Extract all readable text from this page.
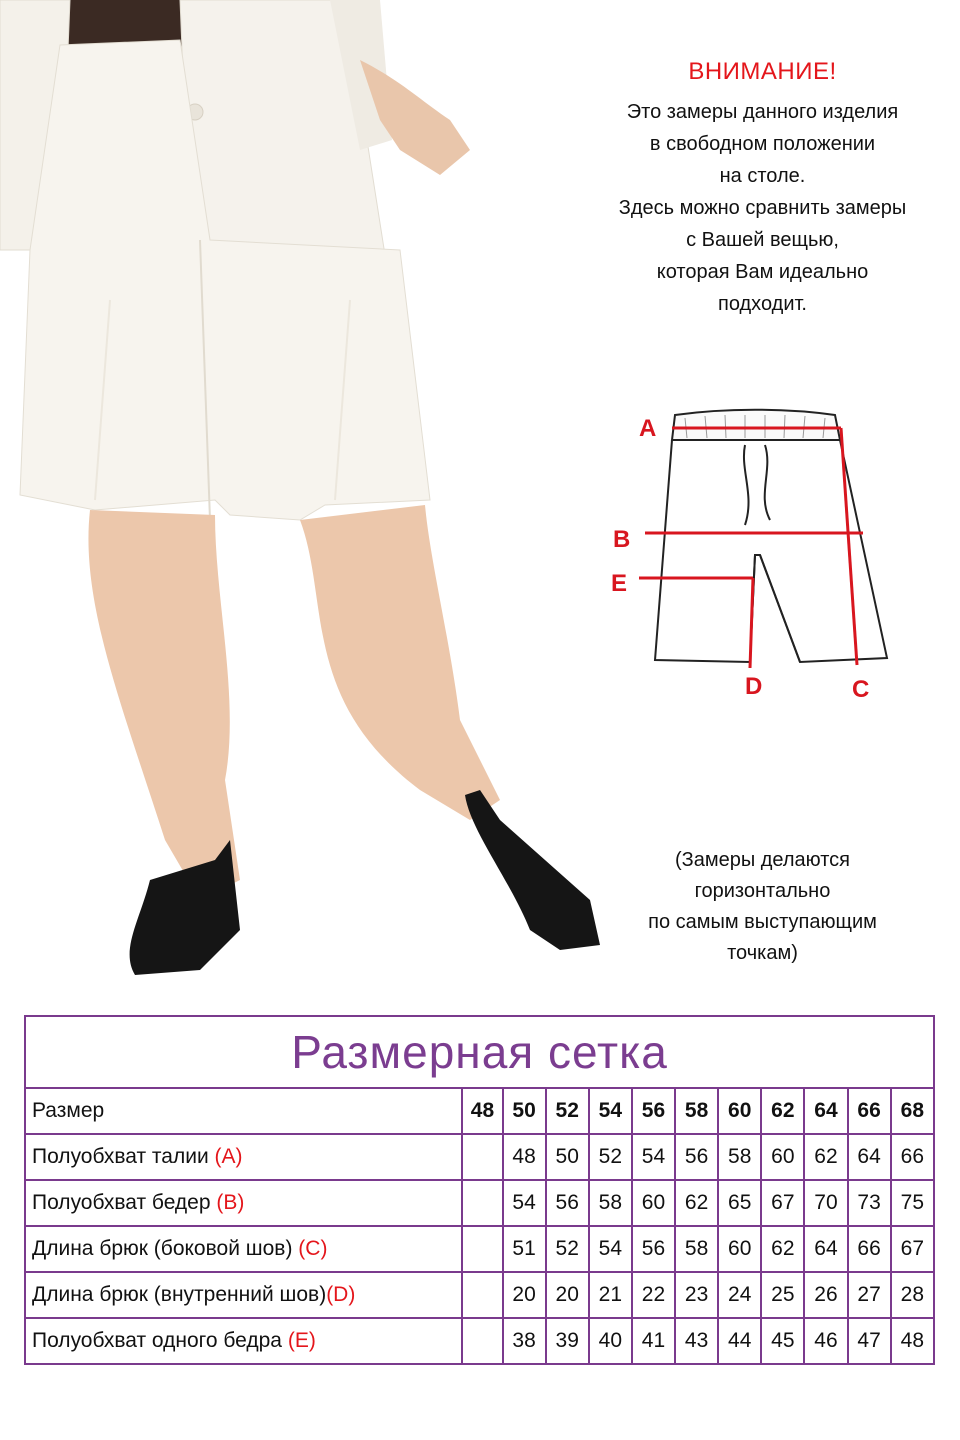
ВНИМАНИЕ!
Это замеры данного изделия
в свободном положении
на столе.
Здесь можно сравнить замеры
с Вашей вещью,
которая Вам идеально
подходит.
A
B
E
D	C
(Замеры делаются
горизонтально
по самым выступающим
точкам)
Размерная сетка											
Размер	48	50	52	54	56	58	60	62	64	66	68
Полуобхват талии (A)		48	50	52	54	56	58	60	62	64	66
Полуобхват бедер (B)		54	56	58	60	62	65	67	70	73	75
Длина брюк (боковой шов) (C)		51	52	54	56	58	60	62	64	66	67
Длина брюк (внутренний шов)(D)		20	20	21	22	23	24	25	26	27	28
Полуобхват одного бедра (E)		38	39	40	41	43	44	45	46	47	48
